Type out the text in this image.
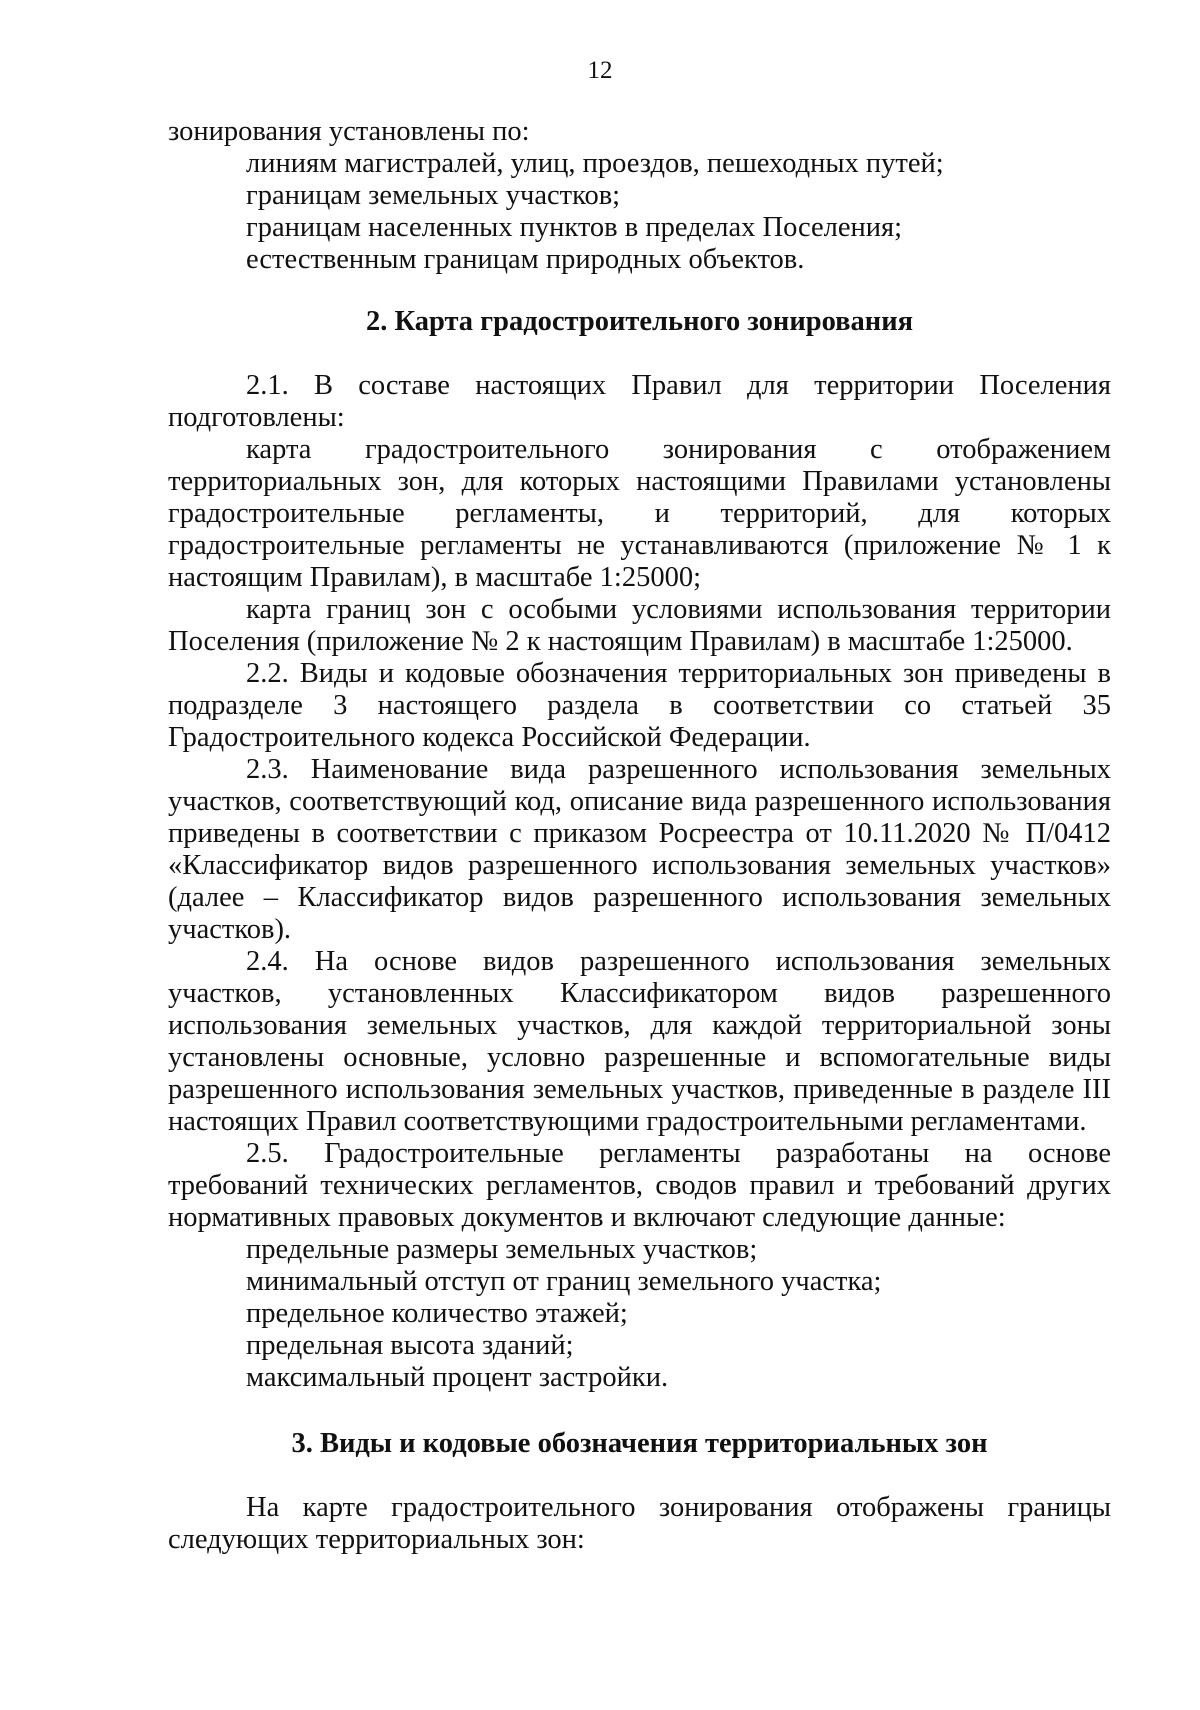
12

зонирования установлены по:

линиям магистралей, улиц, проездов, пешеходных путей;

границам земельных участков;

границам населенных пунктов в пределах Поселения;

естественным границам природных объектов.

2. Карта градостроительного зонирования

2.1. В составе настоящих Правил для территории Поселения подготовлены:

карта градостроительного зонирования с отображением территориальных зон, для которых настоящими Правилами установлены градостроительные регламенты, и территорий, для которых градостроительные регламенты не устанавливаются (приложение № 1 к настоящим Правилам), в масштабе 1:25000;

карта границ зон с особыми условиями использования территории Поселения (приложение № 2 к настоящим Правилам) в масштабе 1:25000.

2.2. Виды и кодовые обозначения территориальных зон приведены в подразделе 3 настоящего раздела в соответствии со статьей 35 Градостроительного кодекса Российской Федерации.

2.3. Наименование вида разрешенного использования земельных участков, соответствующий код, описание вида разрешенного использования приведены в соответствии с приказом Росреестра от 10.11.2020 № П/0412 «Классификатор видов разрешенного использования земельных участков» (далее – Классификатор видов разрешенного использования земельных участков).

2.4. На основе видов разрешенного использования земельных участков, установленных Классификатором видов разрешенного использования земельных участков, для каждой территориальной зоны установлены основные, условно разрешенные и вспомогательные виды разрешенного использования земельных участков, приведенные в разделе III настоящих Правил соответствующими градостроительными регламентами.

2.5. Градостроительные регламенты разработаны на основе требований технических регламентов, сводов правил и требований других нормативных правовых документов и включают следующие данные:

предельные размеры земельных участков;

минимальный отступ от границ земельного участка;

предельное количество этажей;

предельная высота зданий;

максимальный процент застройки.

3. Виды и кодовые обозначения территориальных зон

На карте градостроительного зонирования отображены границы следующих территориальных зон:
